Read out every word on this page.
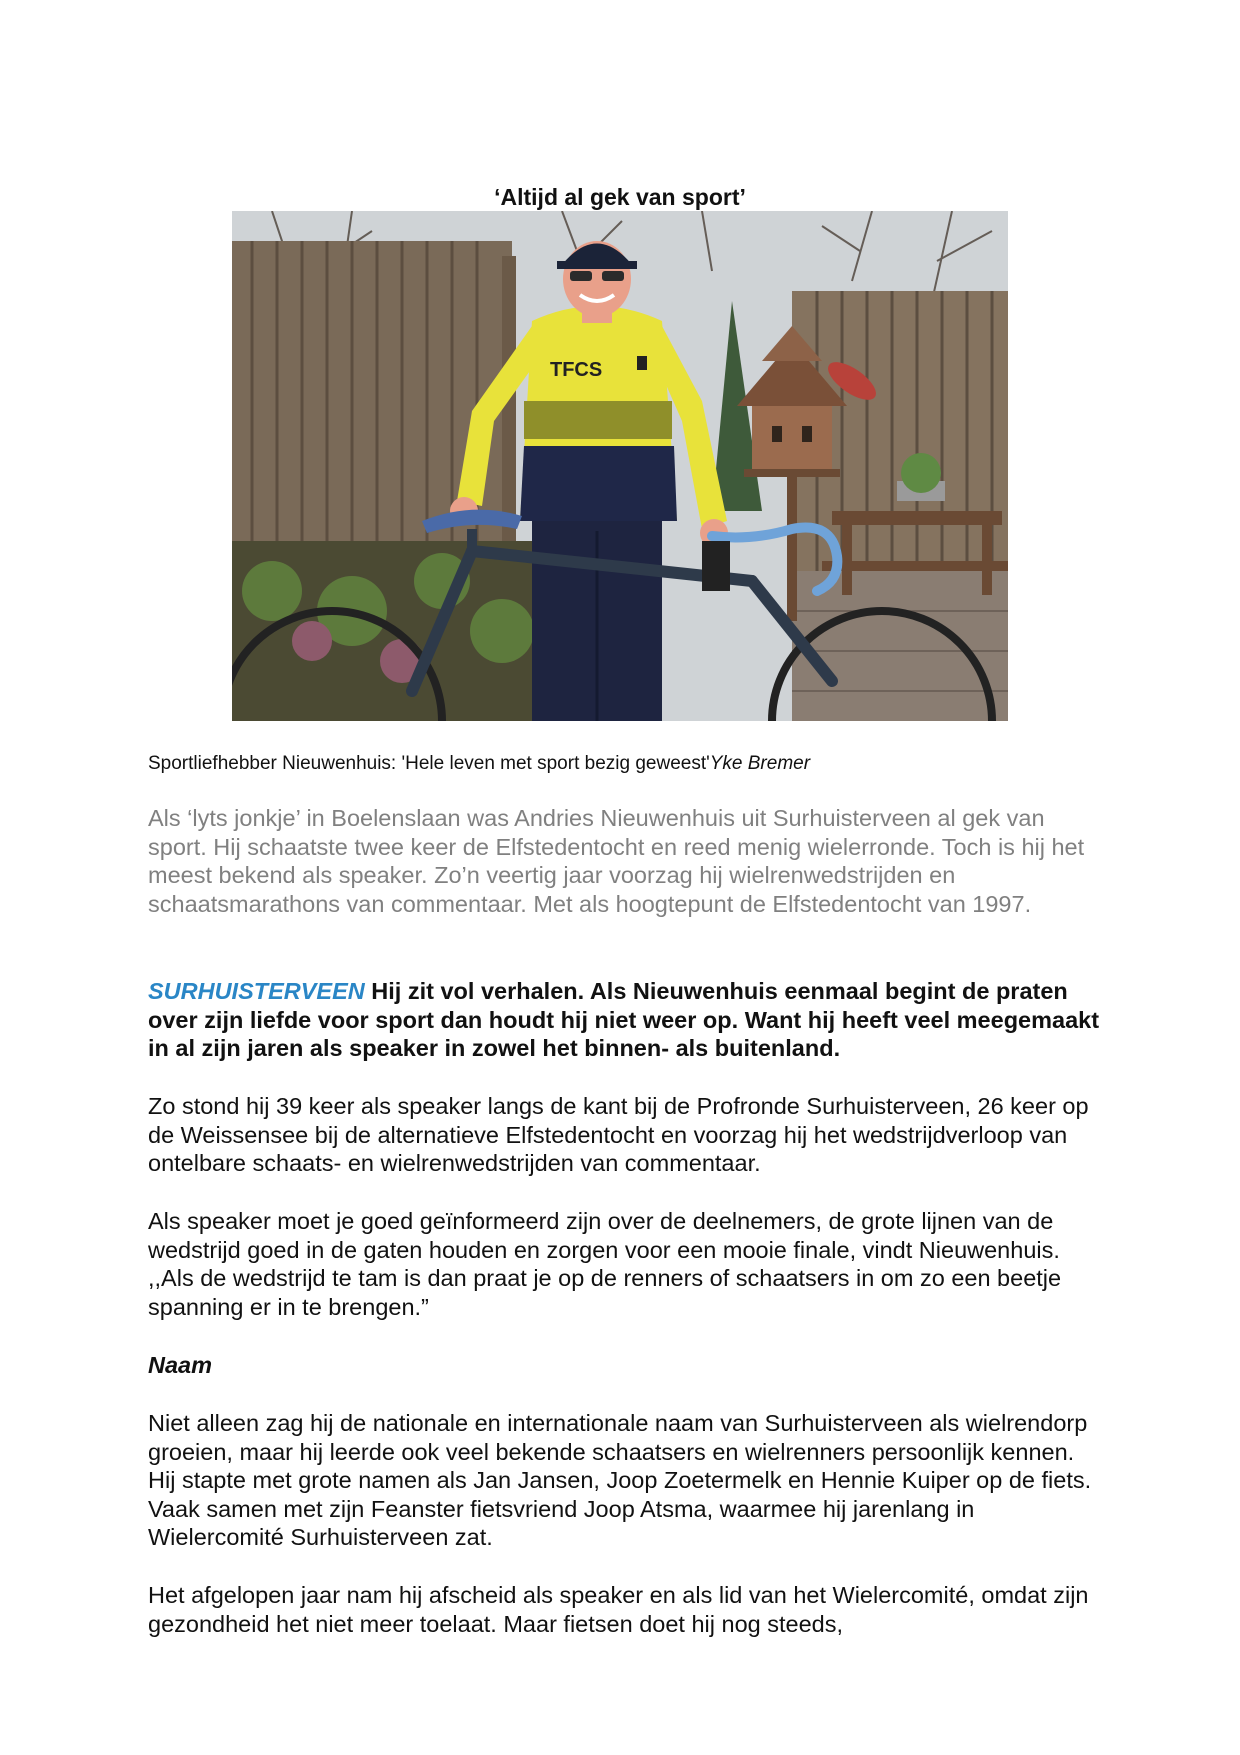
‘Altijd al gek van sport’
TFCS
Sportliefhebber Nieuwenhuis: 'Hele leven met sport bezig geweest'Yke Bremer
Als ‘lyts jonkje’ in Boelenslaan was Andries Nieuwenhuis uit Surhuisterveen al gek van sport. Hij schaatste twee keer de Elfstedentocht en reed menig wielerronde. Toch is hij het meest bekend als speaker. Zo’n veertig jaar voorzag hij wielrenwedstrijden en schaatsmarathons van commentaar. Met als hoogtepunt de Elfstedentocht van 1997.
SURHUISTERVEEN Hij zit vol verhalen. Als Nieuwenhuis eenmaal begint de praten over zijn liefde voor sport dan houdt hij niet weer op. Want hij heeft veel meegemaakt in al zijn jaren als speaker in zowel het binnen- als buitenland.
Zo stond hij 39 keer als speaker langs de kant bij de Profronde Surhuisterveen, 26 keer op de Weissensee bij de alternatieve Elfstedentocht en voorzag hij het wedstrijdverloop van ontelbare schaats- en wielrenwedstrijden van commentaar.
Als speaker moet je goed geïnformeerd zijn over de deelnemers, de grote lijnen van de wedstrijd goed in de gaten houden en zorgen voor een mooie finale, vindt Nieuwenhuis. ,,Als de wedstrijd te tam is dan praat je op de renners of schaatsers in om zo een beetje spanning er in te brengen.”
Naam
Niet alleen zag hij de nationale en internationale naam van Surhuisterveen als wielrendorp groeien, maar hij leerde ook veel bekende schaatsers en wielrenners persoonlijk kennen. Hij stapte met grote namen als Jan Jansen, Joop Zoetermelk en Hennie Kuiper op de fiets. Vaak samen met zijn Feanster fietsvriend Joop Atsma, waarmee hij jarenlang in Wielercomité Surhuisterveen zat.
Het afgelopen jaar nam hij afscheid als speaker en als lid van het Wielercomité, omdat zijn gezondheid het niet meer toelaat. Maar fietsen doet hij nog steeds,
